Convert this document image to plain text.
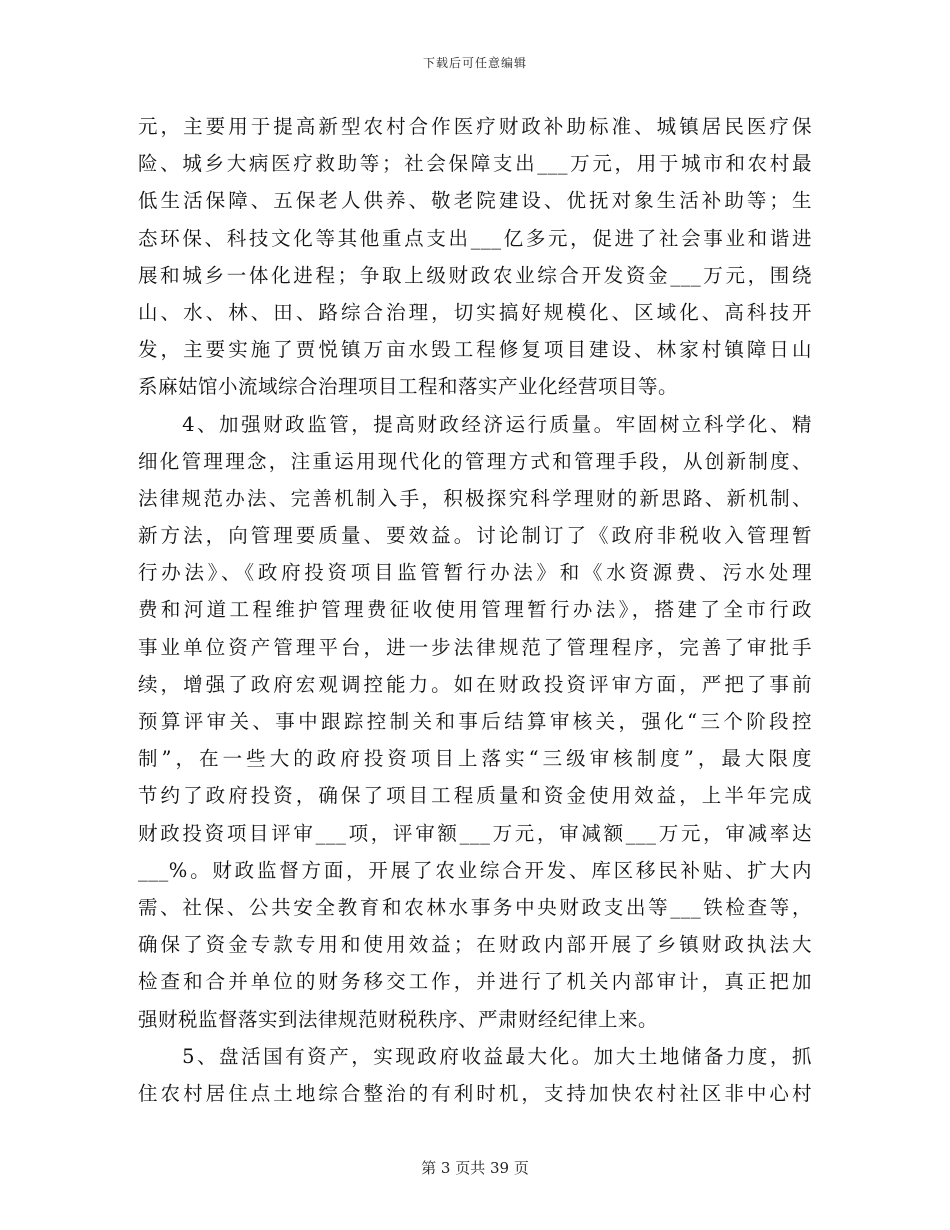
下载后可任意编辑
元，主要用于提高新型农村合作医疗财政补助标准、城镇居民医疗保
险、城乡大病医疗救助等；社会保障支出___万元，用于城市和农村最
低生活保障、五保老人供养、敬老院建设、优抚对象生活补助等；生
态环保、科技文化等其他重点支出___亿多元，促进了社会事业和谐进
展和城乡一体化进程；争取上级财政农业综合开发资金___万元，围绕
山、水、林、田、路综合治理，切实搞好规模化、区域化、高科技开
发，主要实施了贾悦镇万亩水毁工程修复项目建设、林家村镇障日山
系麻姑馆小流域综合治理项目工程和落实产业化经营项目等。
　　4、加强财政监管，提高财政经济运行质量。牢固树立科学化、精
细化管理理念，注重运用现代化的管理方式和管理手段，从创新制度、
法律规范办法、完善机制入手，积极探究科学理财的新思路、新机制、
新方法，向管理要质量、要效益。讨论制订了《政府非税收入管理暂
行办法》、《政府投资项目监管暂行办法》和《水资源费、污水处理
费和河道工程维护管理费征收使用管理暂行办法》，搭建了全市行政
事业单位资产管理平台，进一步法律规范了管理程序，完善了审批手
续，增强了政府宏观调控能力。如在财政投资评审方面，严把了事前
预算评审关、事中跟踪控制关和事后结算审核关，强化“三个阶段控
制”，在一些大的政府投资项目上落实“三级审核制度”，最大限度
节约了政府投资，确保了项目工程质量和资金使用效益，上半年完成
财政投资项目评审___项，评审额___万元，审减额___万元，审减率达
___%。财政监督方面，开展了农业综合开发、库区移民补贴、扩大内
需、社保、公共安全教育和农林水事务中央财政支出等___铁检查等，
确保了资金专款专用和使用效益；在财政内部开展了乡镇财政执法大
检查和合并单位的财务移交工作，并进行了机关内部审计，真正把加
强财税监督落实到法律规范财税秩序、严肃财经纪律上来。
　　5、盘活国有资产，实现政府收益最大化。加大土地储备力度，抓
住农村居住点土地综合整治的有利时机，支持加快农村社区非中心村
第 3 页共 39 页
